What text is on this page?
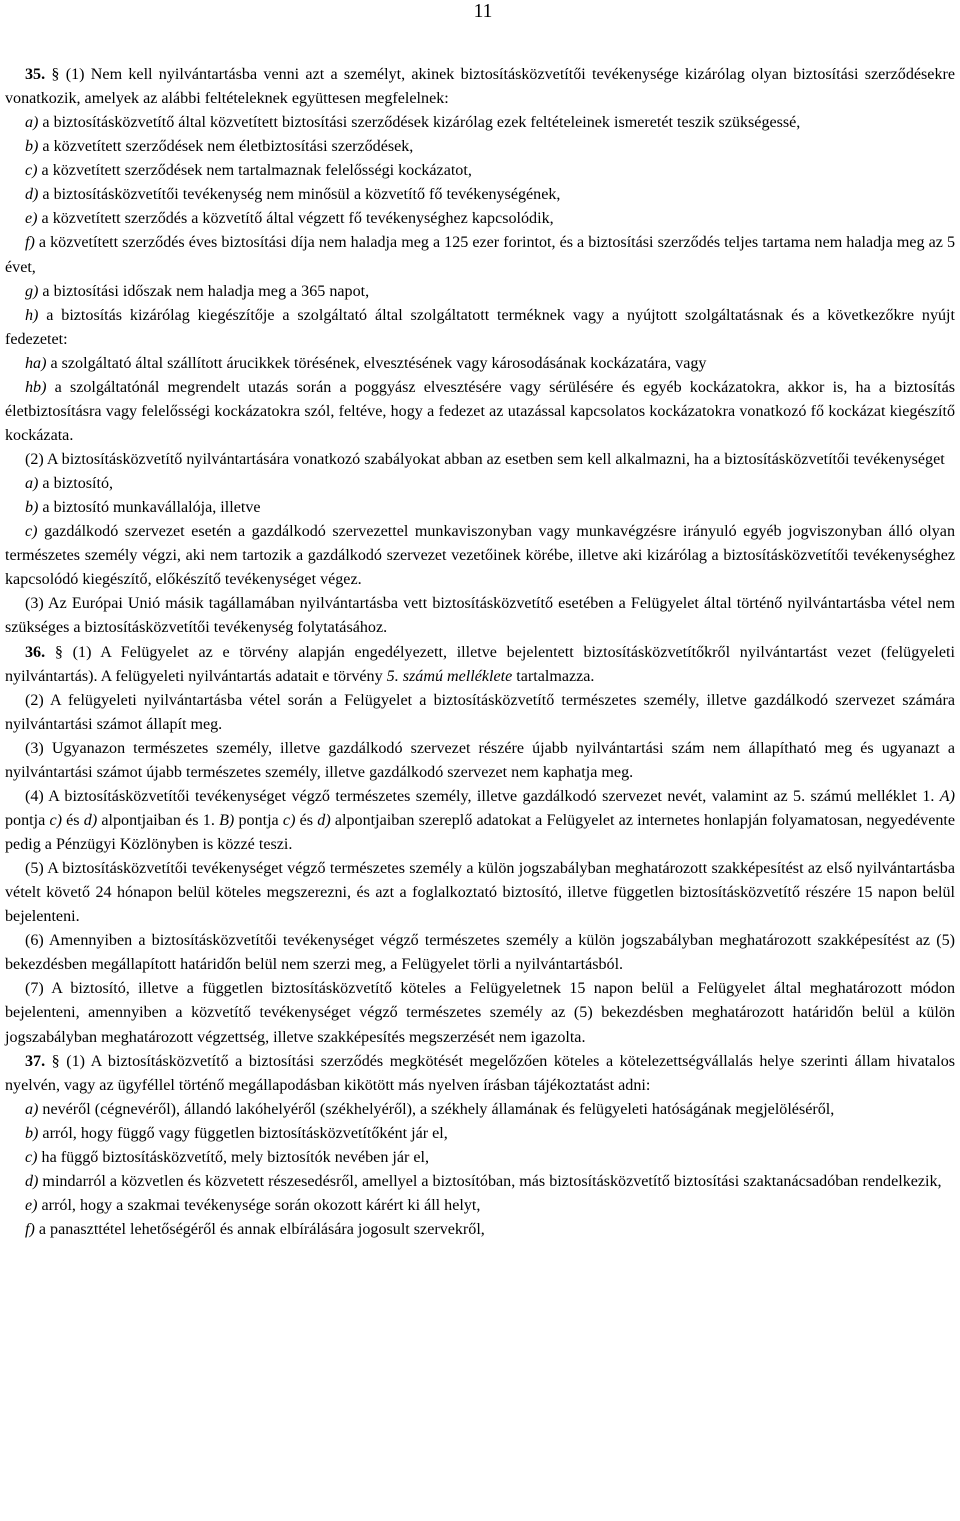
11

35. § (1) Nem kell nyilvántartásba venni azt a személyt, akinek biztosításközvetítői tevékenysége kizárólag olyan biztosítási szerződésekre vonatkozik, amelyek az alábbi feltételeknek együttesen megfelelnek:

a) a biztosításközvetítő által közvetített biztosítási szerződések kizárólag ezek feltételeinek ismeretét teszik szükségessé,

b) a közvetített szerződések nem életbiztosítási szerződések,

c) a közvetített szerződések nem tartalmaznak felelősségi kockázatot,

d) a biztosításközvetítői tevékenység nem minősül a közvetítő fő tevékenységének,

e) a közvetített szerződés a közvetítő által végzett fő tevékenységhez kapcsolódik,

f) a közvetített szerződés éves biztosítási díja nem haladja meg a 125 ezer forintot, és a biztosítási szerződés teljes tartama nem haladja meg az 5 évet,

g) a biztosítási időszak nem haladja meg a 365 napot,

h) a biztosítás kizárólag kiegészítője a szolgáltató által szolgáltatott terméknek vagy a nyújtott szolgáltatásnak és a következőkre nyújt fedezetet:

ha) a szolgáltató által szállított árucikkek törésének, elvesztésének vagy károsodásának kockázatára, vagy

hb) a szolgáltatónál megrendelt utazás során a poggyász elvesztésére vagy sérülésére és egyéb kockázatokra, akkor is, ha a biztosítás életbiztosításra vagy felelősségi kockázatokra szól, feltéve, hogy a fedezet az utazással kapcsolatos kockázatokra vonatkozó fő kockázat kiegészítő kockázata.

(2) A biztosításközvetítő nyilvántartására vonatkozó szabályokat abban az esetben sem kell alkalmazni, ha a biztosításközvetítői tevékenységet

a) a biztosító,

b) a biztosító munkavállalója, illetve

c) gazdálkodó szervezet esetén a gazdálkodó szervezettel munkaviszonyban vagy munkavégzésre irányuló egyéb jogviszonyban álló olyan természetes személy végzi, aki nem tartozik a gazdálkodó szervezet vezetőinek körébe, illetve aki kizárólag a biztosításközvetítői tevékenységhez kapcsolódó kiegészítő, előkészítő tevékenységet végez.

(3) Az Európai Unió másik tagállamában nyilvántartásba vett biztosításközvetítő esetében a Felügyelet által történő nyilvántartásba vétel nem szükséges a biztosításközvetítői tevékenység folytatásához.

36. § (1) A Felügyelet az e törvény alapján engedélyezett, illetve bejelentett biztosításközvetítőkről nyilvántartást vezet (felügyeleti nyilvántartás). A felügyeleti nyilvántartás adatait e törvény 5. számú melléklete tartalmazza.

(2) A felügyeleti nyilvántartásba vétel során a Felügyelet a biztosításközvetítő természetes személy, illetve gazdálkodó szervezet számára nyilvántartási számot állapít meg.

(3) Ugyanazon természetes személy, illetve gazdálkodó szervezet részére újabb nyilvántartási szám nem állapítható meg és ugyanazt a nyilvántartási számot újabb természetes személy, illetve gazdálkodó szervezet nem kaphatja meg.

(4) A biztosításközvetítői tevékenységet végző természetes személy, illetve gazdálkodó szervezet nevét, valamint az 5. számú melléklet 1. A) pontja c) és d) alpontjaiban és 1. B) pontja c) és d) alpontjaiban szereplő adatokat a Felügyelet az internetes honlapján folyamatosan, negyedévente pedig a Pénzügyi Közlönyben is közzé teszi.

(5) A biztosításközvetítői tevékenységet végző természetes személy a külön jogszabályban meghatározott szakképesítést az első nyilvántartásba vételt követő 24 hónapon belül köteles megszerezni, és azt a foglalkoztató biztosító, illetve független biztosításközvetítő részére 15 napon belül bejelenteni.

(6) Amennyiben a biztosításközvetítői tevékenységet végző természetes személy a külön jogszabályban meghatározott szakképesítést az (5) bekezdésben megállapított határidőn belül nem szerzi meg, a Felügyelet törli a nyilvántartásból.

(7) A biztosító, illetve a független biztosításközvetítő köteles a Felügyeletnek 15 napon belül a Felügyelet által meghatározott módon bejelenteni, amennyiben a közvetítő tevékenységet végző természetes személy az (5) bekezdésben meghatározott határidőn belül a külön jogszabályban meghatározott végzettség, illetve szakképesítés megszerzését nem igazolta.

37. § (1) A biztosításközvetítő a biztosítási szerződés megkötését megelőzően köteles a kötelezettségvállalás helye szerinti állam hivatalos nyelvén, vagy az ügyféllel történő megállapodásban kikötött más nyelven írásban tájékoztatást adni:

a) nevéről (cégnevéről), állandó lakóhelyéről (székhelyéről), a székhely államának és felügyeleti hatóságának megjelöléséről,

b) arról, hogy függő vagy független biztosításközvetítőként jár el,

c) ha függő biztosításközvetítő, mely biztosítók nevében jár el,

d) mindarról a közvetlen és közvetett részesedésről, amellyel a biztosítóban, más biztosításközvetítő biztosítási szaktanácsadóban rendelkezik,

e) arról, hogy a szakmai tevékenysége során okozott kárért ki áll helyt,

f) a panaszttétel lehetőségéről és annak elbírálására jogosult szervekről,
